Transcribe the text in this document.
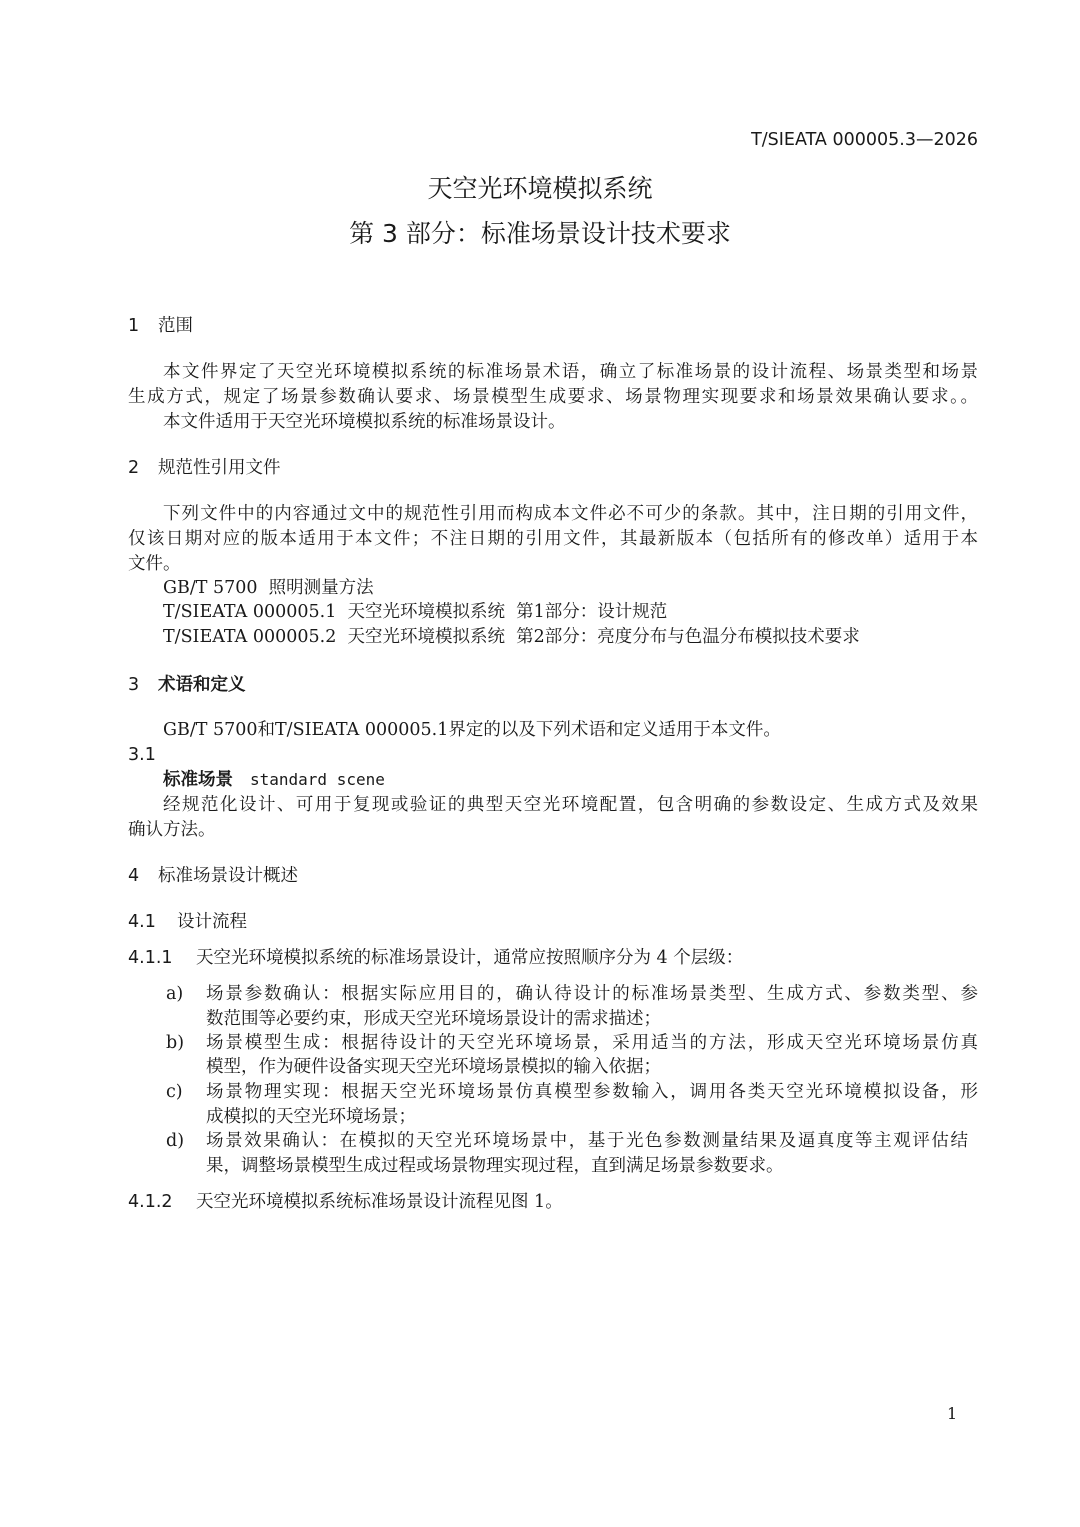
T/SIEATA 000005.3—2026
天空光环境模拟系统
第 3 部分：标准场景设计技术要求
1 范围
本文件界定了天空光环境模拟系统的标准场景术语，确立了标准场景的设计流程、场景类型和场景
生成方式，规定了场景参数确认要求、场景模型生成要求、场景物理实现要求和场景效果确认要求。。
本文件适用于天空光环境模拟系统的标准场景设计。
2 规范性引用文件
下列文件中的内容通过文中的规范性引用而构成本文件必不可少的条款。其中，注日期的引用文件，
仅该日期对应的版本适用于本文件；不注日期的引用文件，其最新版本（包括所有的修改单）适用于本
文件。
GB/T 5700  照明测量方法
T/SIEATA 000005.1  天空光环境模拟系统  第1部分：设计规范
T/SIEATA 000005.2  天空光环境模拟系统  第2部分：亮度分布与色温分布模拟技术要求
3 术语和定义
GB/T 5700和T/SIEATA 000005.1界定的以及下列术语和定义适用于本文件。
3.1
标准场景 standard scene
经规范化设计、可用于复现或验证的典型天空光环境配置，包含明确的参数设定、生成方式及效果
确认方法。
4 标准场景设计概述
4.1 设计流程
4.1.1 天空光环境模拟系统的标准场景设计，通常应按照顺序分为 4 个层级：
a) 场景参数确认：根据实际应用目的，确认待设计的标准场景类型、生成方式、参数类型、参
数范围等必要约束，形成天空光环境场景设计的需求描述；
b) 场景模型生成：根据待设计的天空光环境场景，采用适当的方法，形成天空光环境场景仿真
模型，作为硬件设备实现天空光环境场景模拟的输入依据；
c) 场景物理实现：根据天空光环境场景仿真模型参数输入，调用各类天空光环境模拟设备，形
成模拟的天空光环境场景；
d) 场景效果确认：在模拟的天空光环境场景中，基于光色参数测量结果及逼真度等主观评估结
果，调整场景模型生成过程或场景物理实现过程，直到满足场景参数要求。
4.1.2 天空光环境模拟系统标准场景设计流程见图 1。
1
